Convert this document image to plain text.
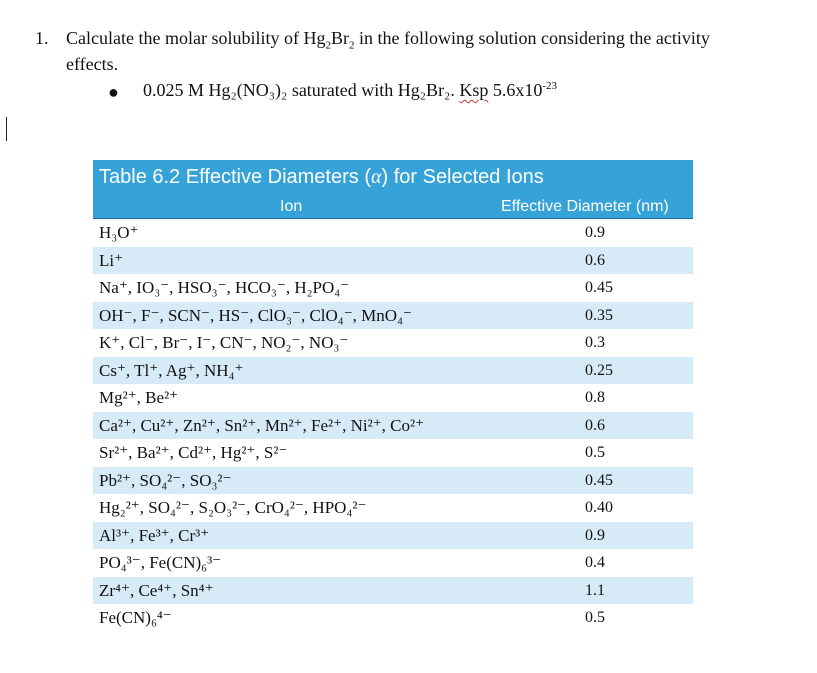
1. Calculate the molar solubility of $Hg_2Br_2$ in the following solution considering the activity
effects.
● 0.025 M Hg₂(NO₃)₂ saturated with Hg₂Br₂. Ksp $5.6x10^{-23}$
Table 6.2 Effective Diameters (α) for Selected Ions
Ion	Effective Diameter (nm)
H₃O⁺	0.9
Li⁺	0.6
Na⁺, IO₃⁻, HSO₃⁻, HCO₃⁻, H₂PO₄⁻	0.45
OH⁻, F⁻, SCN⁻, HS⁻, ClO₃⁻, ClO₄⁻, MnO₄⁻	0.35
K⁺, Cl⁻, Br⁻, I⁻, CN⁻, NO₂⁻, NO₃⁻	0.3
Cs⁺, Tl⁺, Ag⁺, NH₄⁺	0.25
Mg²⁺, Be²⁺	0.8
Ca²⁺, Cu²⁺, Zn²⁺, Sn²⁺, Mn²⁺, Fe²⁺, Ni²⁺, Co²⁺	0.6
Sr²⁺, Ba²⁺, Cd²⁺, Hg²⁺, S²⁻	0.5
Pb²⁺, SO₄²⁻, SO₃²⁻	0.45
Hg₂²⁺, SO₄²⁻, S₂O₃²⁻, CrO₄²⁻, HPO₄²⁻	0.40
Al³⁺, Fe³⁺, Cr³⁺	0.9
PO₄³⁻, Fe(CN)₆³⁻	0.4
Zr⁴⁺, Ce⁴⁺, Sn⁴⁺	1.1
Fe(CN)₆⁴⁻	0.5
